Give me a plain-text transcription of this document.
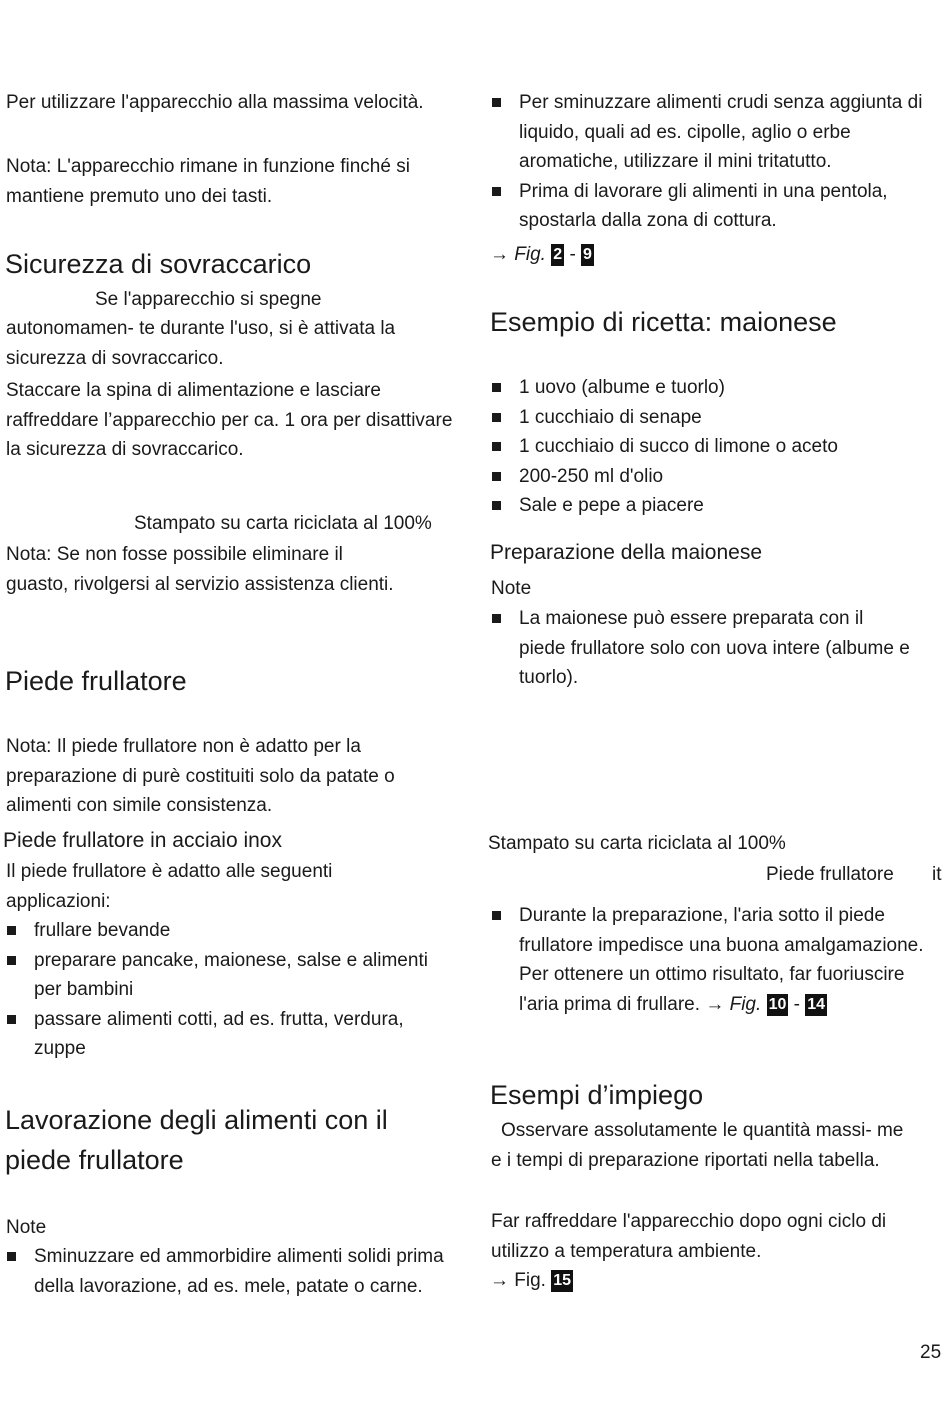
Per utilizzare l'apparecchio alla massima velocità.

Nota: L'apparecchio rimane in funzione finché si mantiene premuto uno dei tasti.

Sicurezza di sovraccarico

Se l'apparecchio si spegne

autonomamen- te durante l'uso, si è attivata la sicurezza di sovraccarico.

Staccare la spina di alimentazione e lasciare raffreddare l’apparecchio per ca. 1 ora per disattivare la sicurezza di sovraccarico.

Stampato su carta riciclata al 100%

Nota: Se non fosse possibile eliminare il guasto, rivolgersi al servizio assistenza clienti.

Piede frullatore

Nota: Il piede frullatore non è adatto per la preparazione di purè costituiti solo da patate o alimenti con simile consistenza.

Piede frullatore in acciaio inox

Il piede frullatore è adatto alle seguenti applicazioni:

frullare bevande
preparare pancake, maionese, salse e alimenti per bambini
passare alimenti cotti, ad es. frutta, verdura, zuppe
Lavorazione degli alimenti con il piede frullatore

Note

Sminuzzare ed ammorbidire alimenti solidi prima della lavorazione, ad es. mele, patate o carne.
Per sminuzzare alimenti crudi senza aggiunta di liquido, quali ad es. cipolle, aglio o erbe aromatiche, utilizzare il mini tritatutto.
Prima di lavorare gli alimenti in una pentola, spostarla dalla zona di cottura.

→ Fig. 2 - 9

Esempio di ricetta: maionese
1 uovo (albume e tuorlo)
1 cucchiaio di senape
1 cucchiaio di succo di limone o aceto
200-250 ml d'olio
Sale e pepe a piacere
Preparazione della maionese

Note

La maionese può essere preparata con il piede frullatore solo con uova intere (albume e tuorlo).

Stampato su carta riciclata al 100%

Piede frullatore	it

Durante la preparazione, l'aria sotto il piede frullatore impedisce una buona amalgamazione. Per ottenere un ottimo risultato, far fuoriuscire l'aria prima di frullare. → Fig. 10 - 14
Esempi d’impiego

Osservare assolutamente le quantità massi- me e i tempi di preparazione riportati nella tabella.

Far raffreddare l'apparecchio dopo ogni ciclo di utilizzo a temperatura ambiente.

→ Fig. 15

25
